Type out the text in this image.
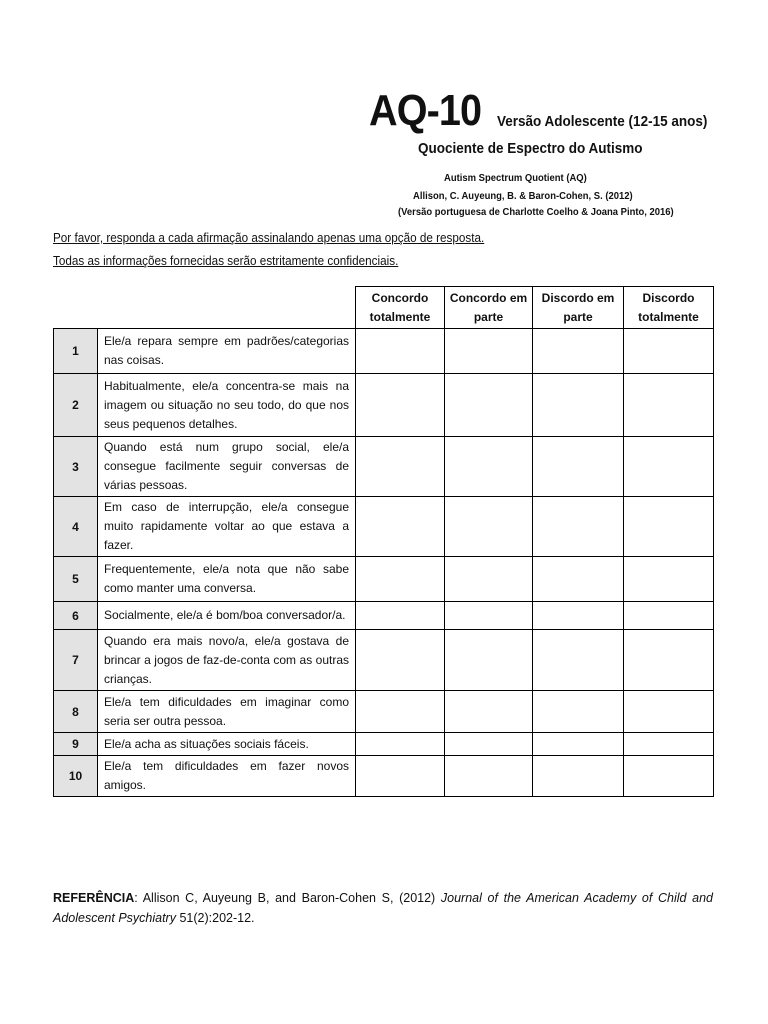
AQ-10 Versão Adolescente (12-15 anos)
Quociente de Espectro do Autismo
Autism Spectrum Quotient (AQ)
Allison, C. Auyeung, B. & Baron-Cohen, S. (2012)
(Versão portuguesa de Charlotte Coelho & Joana Pinto, 2016)
Por favor, responda a cada afirmação assinalando apenas uma opção de resposta.
Todas as informações fornecidas serão estritamente confidenciais.
		Concordo totalmente	Concordo em parte	Discordo em parte	Discordo totalmente
1	Ele/a repara sempre em padrões/categorias nas coisas.				
2	Habitualmente, ele/a concentra-se mais na imagem ou situação no seu todo, do que nos seus pequenos detalhes.				
3	Quando está num grupo social, ele/a consegue facilmente seguir conversas de várias pessoas.				
4	Em caso de interrupção, ele/a consegue muito rapidamente voltar ao que estava a fazer.				
5	Frequentemente, ele/a nota que não sabe como manter uma conversa.				
6	Socialmente, ele/a é bom/boa conversador/a.				
7	Quando era mais novo/a, ele/a gostava de brincar a jogos de faz-de-conta com as outras crianças.				
8	Ele/a tem dificuldades em imaginar como seria ser outra pessoa.				
9	Ele/a acha as situações sociais fáceis.				
10	Ele/a tem dificuldades em fazer novos amigos.				
REFERÊNCIA: Allison C, Auyeung B, and Baron-Cohen S, (2012) Journal of the American Academy of Child and Adolescent Psychiatry 51(2):202-12.
